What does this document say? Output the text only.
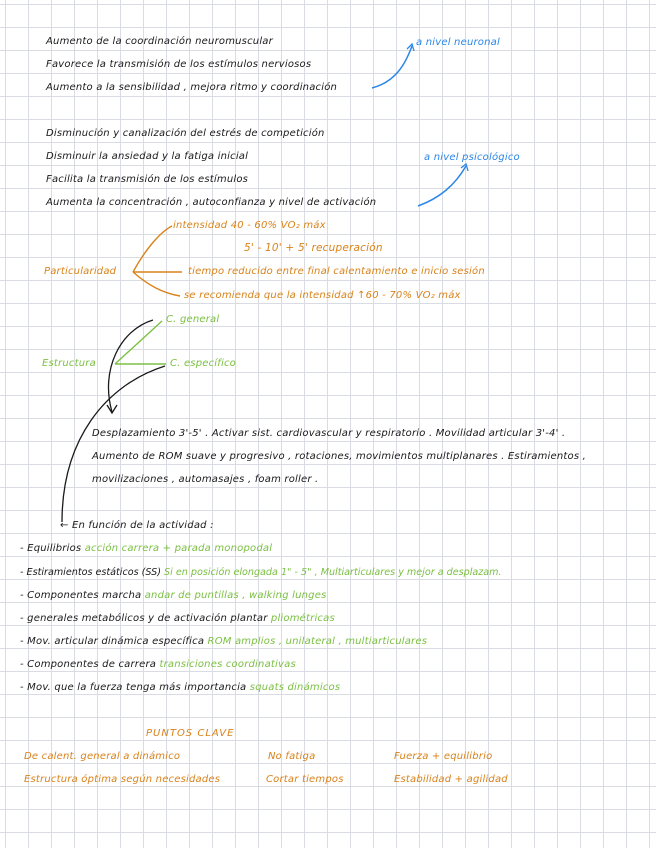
Aumento de la coordinación neuromuscular
Favorece la transmisión de los estímulos nerviosos
Aumento a la sensibilidad , mejora ritmo y coordinación
a nivel neuronal
Disminución y canalización del estrés de competición
Disminuir la ansiedad y la fatiga inicial
Facilita la transmisión de los estímulos
Aumenta la concentración , autoconfianza y nivel de activación
a nivel psicológico
intensidad 40 - 60% VO₂ máx
5' - 10' + 5' recuperación
Particularidad	tiempo reducido entre final calentamiento e inicio sesión
se recomienda que la intensidad ↑60 - 70% VO₂ máx
C. general
Estructura	C. específico
Desplazamiento 3'-5' . Activar sist. cardiovascular y respiratorio . Movilidad articular 3'-4' .
Aumento de ROM suave y progresivo , rotaciones, movimientos multiplanares . Estiramientos ,
movilizaciones , automasajes , foam roller .
← En función de la actividad :
- Equilibrios acción carrera + parada monopodal
- Estiramientos estáticos (SS) Si en posición elongada 1" - 5" , Multiarticulares y mejor a desplazam.
- Componentes marcha andar de puntillas , walking lunges
- generales metabólicos y de activación plantar pliométricas
- Mov. articular dinámica específica ROM amplios , unilateral , multiarticulares
- Componentes de carrera transiciones coordinativas
- Mov. que la fuerza tenga más importancia squats dinámicos
PUNTOS CLAVE
De calent. general a dinámico	No fatiga	Fuerza + equilibrio
Estructura óptima según necesidades	Cortar tiempos	Estabilidad + agilidad
